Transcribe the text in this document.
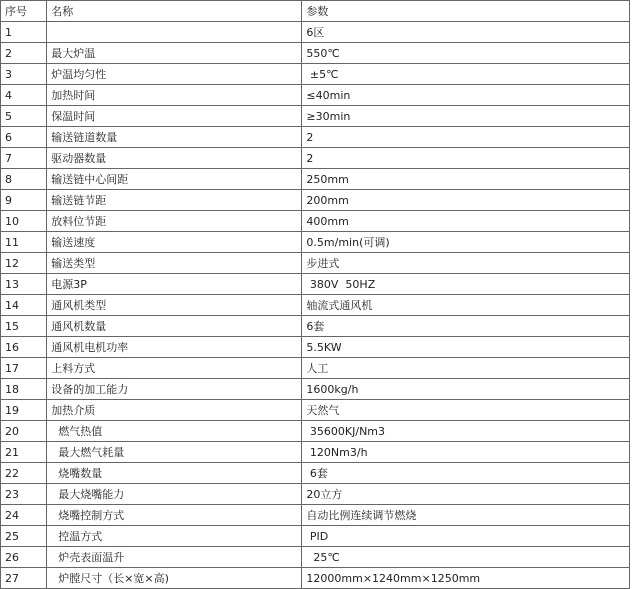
序号	名称	参数
1		6区
2	最大炉温	550℃
3	炉温均匀性	±5℃
4	加热时间	≤40min
5	保温时间	≥30min
6	输送链道数量	2
7	驱动器数量	2
8	输送链中心间距	250mm
9	输送链节距	200mm
10	放料位节距	400mm
11	输送速度	0.5m/min(可调)
12	输送类型	步进式
13	电源3P	380V  50HZ
14	通风机类型	轴流式通风机
15	通风机数量	6套
16	通风机电机功率	5.5KW
17	上料方式	人工
18	设备的加工能力	1600kg/h
19	加热介质	天然气
20	燃气热值	35600KJ/Nm3
21	最大燃气耗量	120Nm3/h
22	烧嘴数量	6套
23	最大烧嘴能力	20立方
24	烧嘴控制方式	自动比例连续调节燃烧
25	控温方式	PID
26	炉壳表面温升	25℃
27	炉膛尺寸（长×宽×高)	12000mm×1240mm×1250mm
